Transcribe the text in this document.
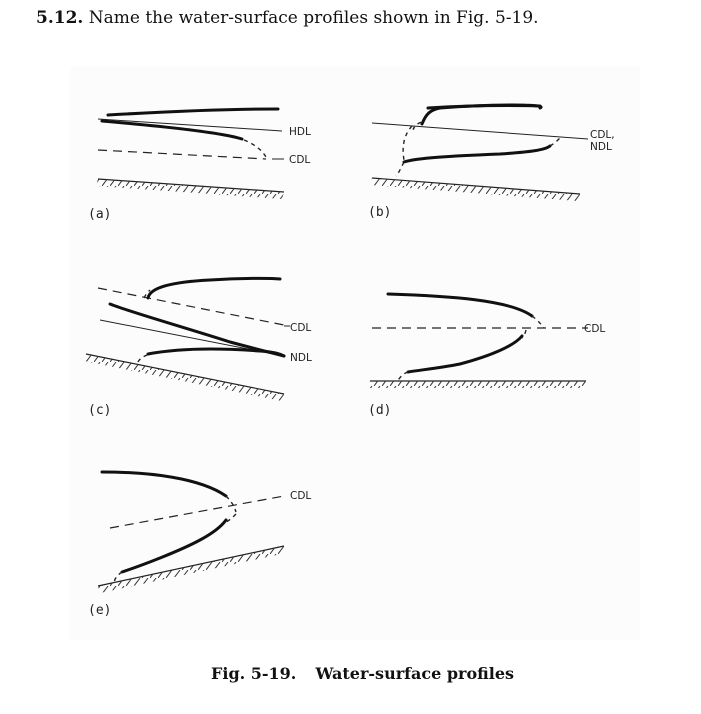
5.12. Name the water-surface profiles shown in Fig. 5-19.
HDL
CDL
(a)
CDL,
NDL
(b)
CDL
NDL
(c)
CDL
(d)
CDL
(e)
Fig. 5-19. Water-surface profiles
